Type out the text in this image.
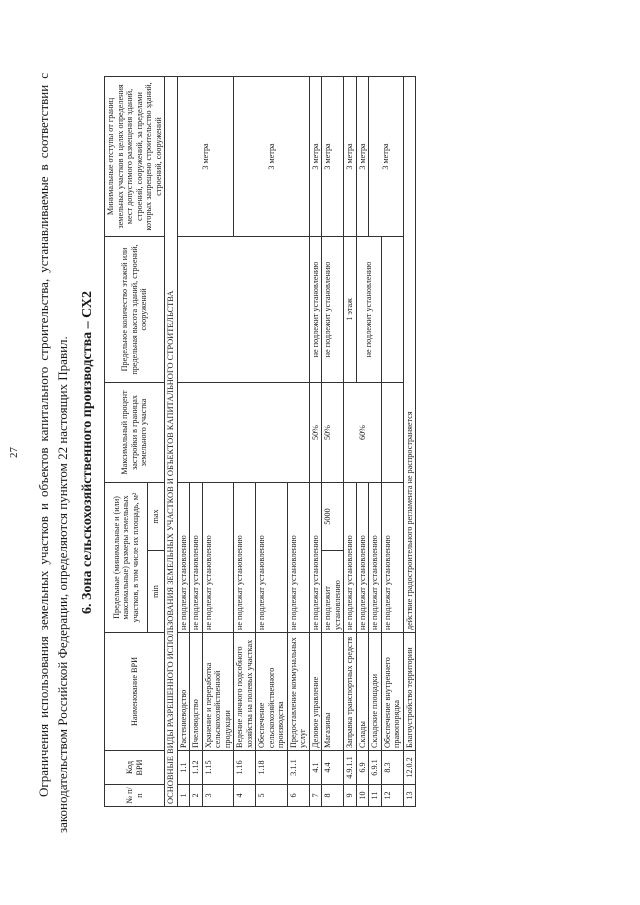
27 Ограничения использования земельных участков и объектов капитального строительства, устанавливаемые в соответствии с законодательством Российской Федерации, определяются пунктом 22 настоящих Правил. 6. Зона сельскохозяйственного производства – СХ2
№ п/п	Код ВРИ	Наименование ВРИ	Предельные (минимальные и (или) максимальные) размеры земельных участков, в том числе их площадь, м²		Максимальный процент застройки в границах земельного участка	Предельное количество этажей или предельная высота зданий, строений, сооружений	Минимальные отступы от границ земельных участков в целях определения мест допустимого размещения зданий, строений, сооружений, за пределами которых запрещено строительство зданий, строений, сооружений
			min	max			
ОСНОВНЫЕ ВИДЫ РАЗРЕШЕННОГО ИСПОЛЬЗОВАНИЯ ЗЕМЕЛЬНЫХ УЧАСТКОВ И ОБЪЕКТОВ КАПИТАЛЬНОГО СТРОИТЕЛЬСТВА							
1	1.1	Растениеводство	не подлежат установлению				3 метра
2	1.12	Пчеловодство	не подлежат установлению				
3	1.15	Хранение и переработка сельскохозяйственной продукции	не подлежат установлению				
4	1.16	Ведение личного подсобного хозяйства на полевых участках	не подлежат установлению				3 метра
5	1.18	Обеспечение сельскохозяйственного производства	не подлежат установлению				
6	3.1.1	Предоставление коммунальных услуг	не подлежат установлению				
7	4.1	Деловое управление	не подлежат установлению		50%	не подлежит установлению	3 метра
8	4.4	Магазины	не подлежит установлению	5000	50%	не подлежит установлению	3 метра
9	4.9.1.1	Заправка транспортных средств	не подлежат установлению		60%	1 этаж	3 метра
10	6.9	Склады	не подлежат установлению			не подлежит установлению	3 метра
11	6.9.1	Складские площадки	не подлежат установлению				3 метра
12	8.3	Обеспечение внутреннего правопорядка	не подлежат установлению				
13	12.0.2	Благоустройство территории	действие градостроительного регламента не распространяется				
